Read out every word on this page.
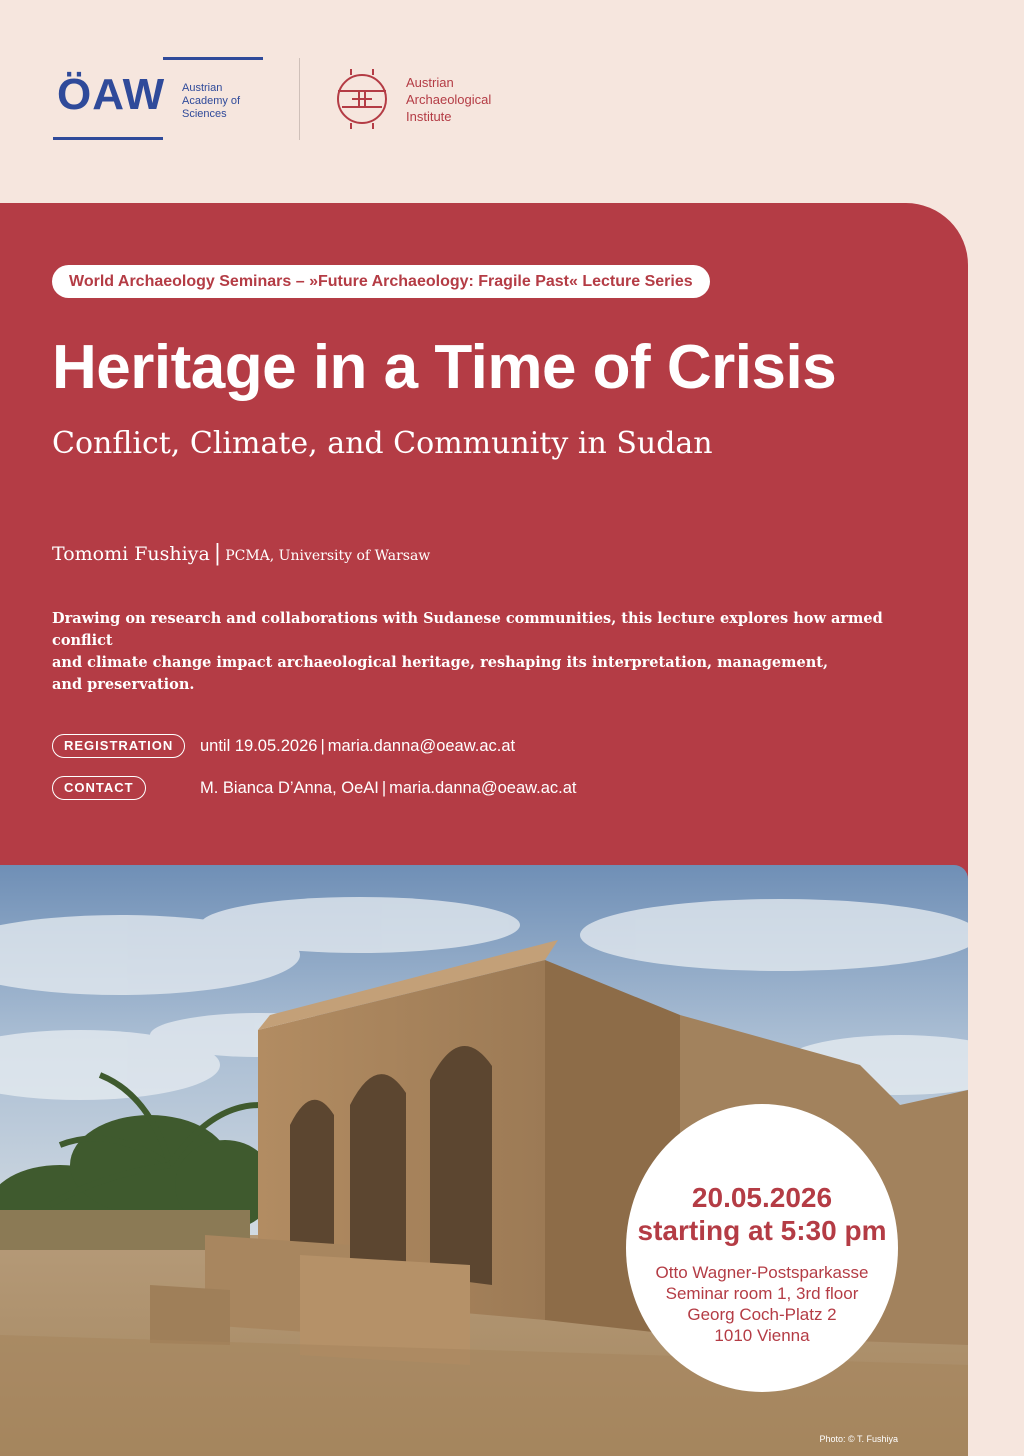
ÖAW Austrian
Academy of
Sciences
Austrian
Archaeological
Institute
World Archaeology Seminars – »Future Archaeology: Fragile Past« Lecture Series
Heritage in a Time of Crisis
Conflict, Climate, and Community in Sudan
Tomomi Fushiya | PCMA, University of Warsaw
Drawing on research and collaborations with Sudanese communities, this lecture explores how armed conflict
and climate change impact archaeological heritage, reshaping its interpretation, management,
and preservation.
REGISTRATION	until 19.05.2026 | maria.danna@oeaw.ac.at
CONTACT	M. Bianca D’Anna, OeAI | maria.danna@oeaw.ac.at
Photo: © T. Fushiya
20.05.2026
starting at 5:30 pm
Otto Wagner-Postsparkasse
Seminar room 1, 3rd floor
Georg Coch-Platz 2
1010 Vienna
